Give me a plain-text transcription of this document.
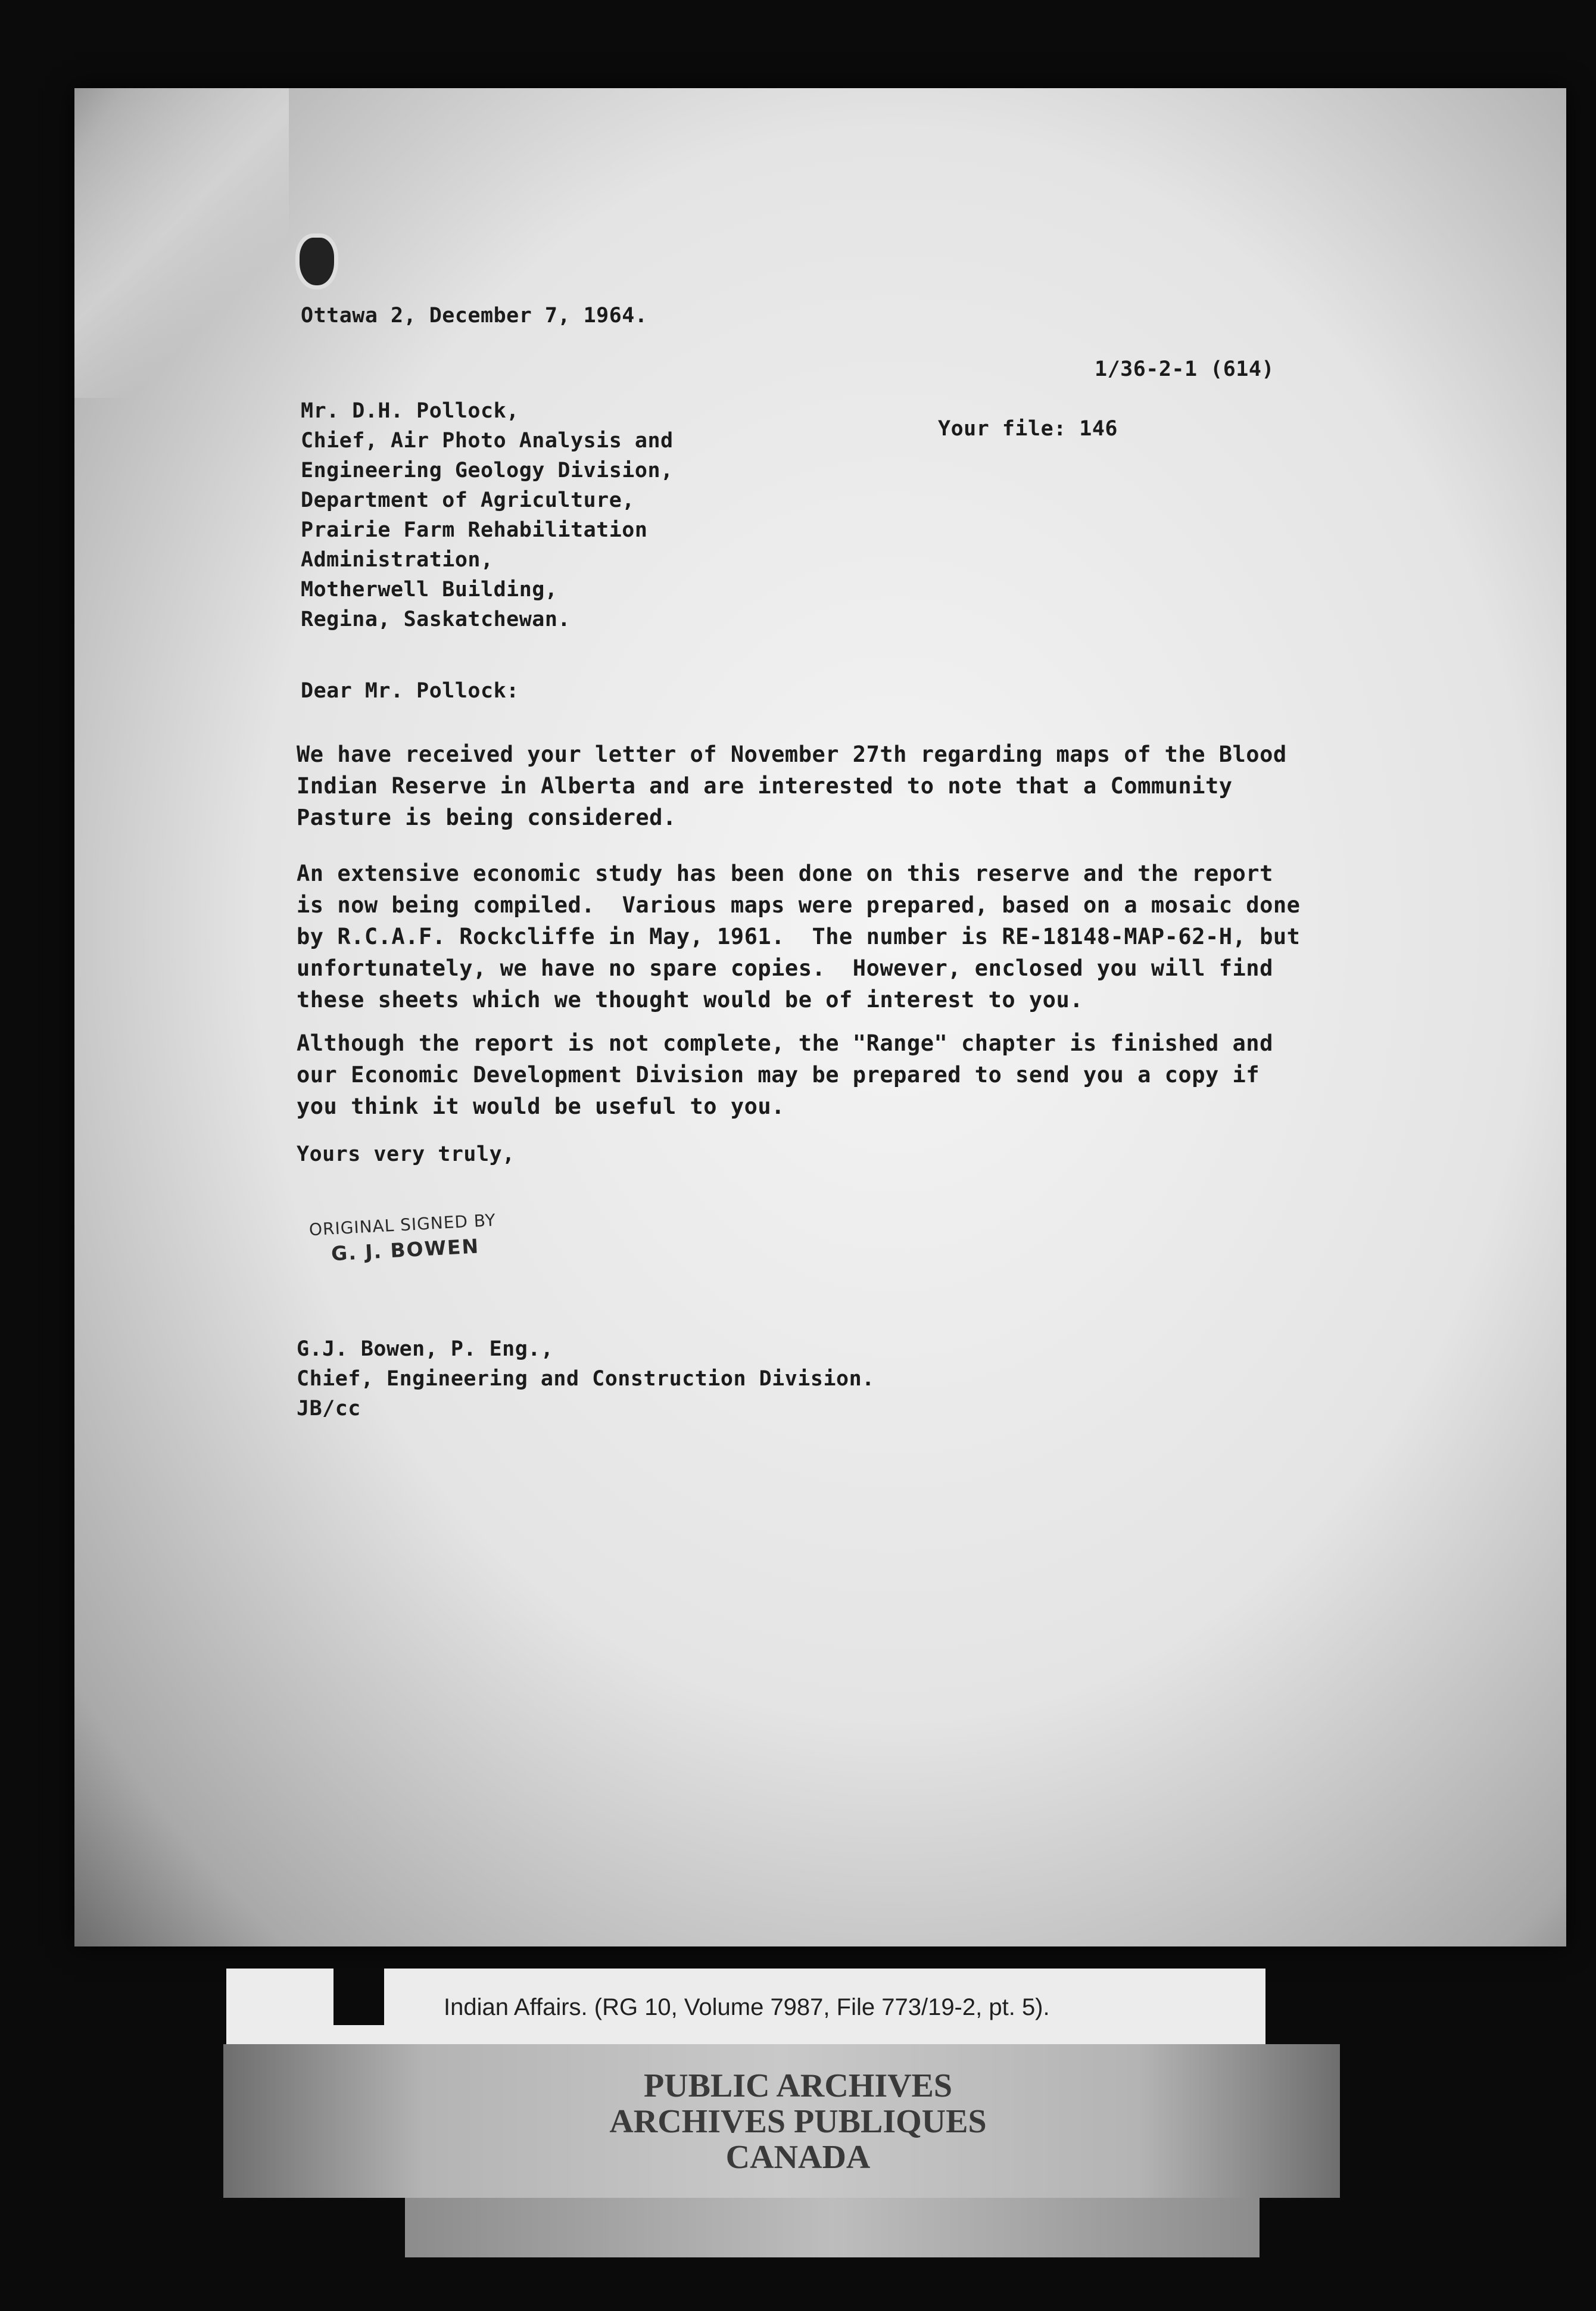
Ottawa 2, December 7, 1964.
1/36-2-1 (614)
Your file: 146
Mr. D.H. Pollock,
Chief, Air Photo Analysis and
Engineering Geology Division,
Department of Agriculture,
Prairie Farm Rehabilitation
Administration,
Motherwell Building,
Regina, Saskatchewan.
Dear Mr. Pollock:
We have received your letter of November 27th regarding maps of the Blood
Indian Reserve in Alberta and are interested to note that a Community
Pasture is being considered.
An extensive economic study has been done on this reserve and the report
is now being compiled.  Various maps were prepared, based on a mosaic done
by R.C.A.F. Rockcliffe in May, 1961.  The number is RE-18148-MAP-62-H, but
unfortunately, we have no spare copies.  However, enclosed you will find
these sheets which we thought would be of interest to you.
Although the report is not complete, the "Range" chapter is finished and
our Economic Development Division may be prepared to send you a copy if
you think it would be useful to you.
Yours very truly,
ORIGINAL SIGNED BY
G. J. BOWEN
G.J. Bowen, P. Eng.,
Chief, Engineering and Construction Division.
JB/cc
Indian Affairs. (RG 10, Volume 7987, File 773/19-2, pt. 5).
PUBLIC ARCHIVES
ARCHIVES PUBLIQUES
CANADA
